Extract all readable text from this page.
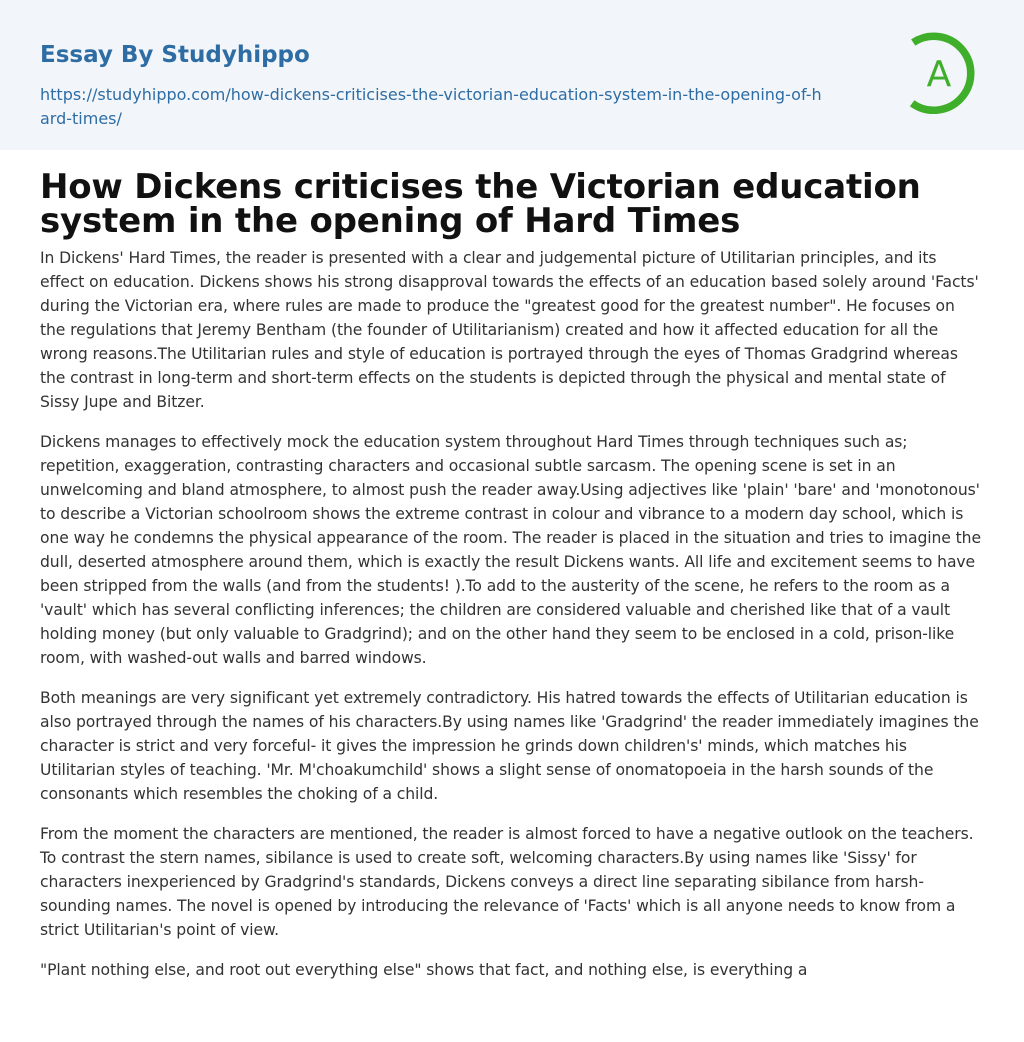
Essay By Studyhippo
https://studyhippo.com/how-dickens-criticises-the-victorian-education-system-in-the-opening-of-hard-times/
A
How Dickens criticises the Victorian education system in the opening of Hard Times

In Dickens' Hard Times, the reader is presented with a clear and judgemental picture of Utilitarian principles, and its effect on education. Dickens shows his strong disapproval towards the effects of an education based solely around 'Facts' during the Victorian era, where rules are made to produce the "greatest good for the greatest number". He focuses on the regulations that Jeremy Bentham (the founder of Utilitarianism) created and how it affected education for all the wrong reasons.The Utilitarian rules and style of education is portrayed through the eyes of Thomas Gradgrind whereas the contrast in long-term and short-term effects on the students is depicted through the physical and mental state of Sissy Jupe and Bitzer.

Dickens manages to effectively mock the education system throughout Hard Times through techniques such as; repetition, exaggeration, contrasting characters and occasional subtle sarcasm. The opening scene is set in an unwelcoming and bland atmosphere, to almost push the reader away.Using adjectives like 'plain' 'bare' and 'monotonous' to describe a Victorian schoolroom shows the extreme contrast in colour and vibrance to a modern day school, which is one way he condemns the physical appearance of the room. The reader is placed in the situation and tries to imagine the dull, deserted atmosphere around them, which is exactly the result Dickens wants. All life and excitement seems to have been stripped from the walls (and from the students! ).To add to the austerity of the scene, he refers to the room as a 'vault' which has several conflicting inferences; the children are considered valuable and cherished like that of a vault holding money (but only valuable to Gradgrind); and on the other hand they seem to be enclosed in a cold, prison-like room, with washed-out walls and barred windows.

Both meanings are very significant yet extremely contradictory. His hatred towards the effects of Utilitarian education is also portrayed through the names of his characters.By using names like 'Gradgrind' the reader immediately imagines the character is strict and very forceful- it gives the impression he grinds down children's' minds, which matches his Utilitarian styles of teaching. 'Mr. M'choakumchild' shows a slight sense of onomatopoeia in the harsh sounds of the consonants which resembles the choking of a child.

From the moment the characters are mentioned, the reader is almost forced to have a negative outlook on the teachers. To contrast the stern names, sibilance is used to create soft, welcoming characters.By using names like 'Sissy' for characters inexperienced by Gradgrind's standards, Dickens conveys a direct line separating sibilance from harsh-sounding names. The novel is opened by introducing the relevance of 'Facts' which is all anyone needs to know from a strict Utilitarian's point of view.

"Plant nothing else, and root out everything else" shows that fact, and nothing else, is everything a
